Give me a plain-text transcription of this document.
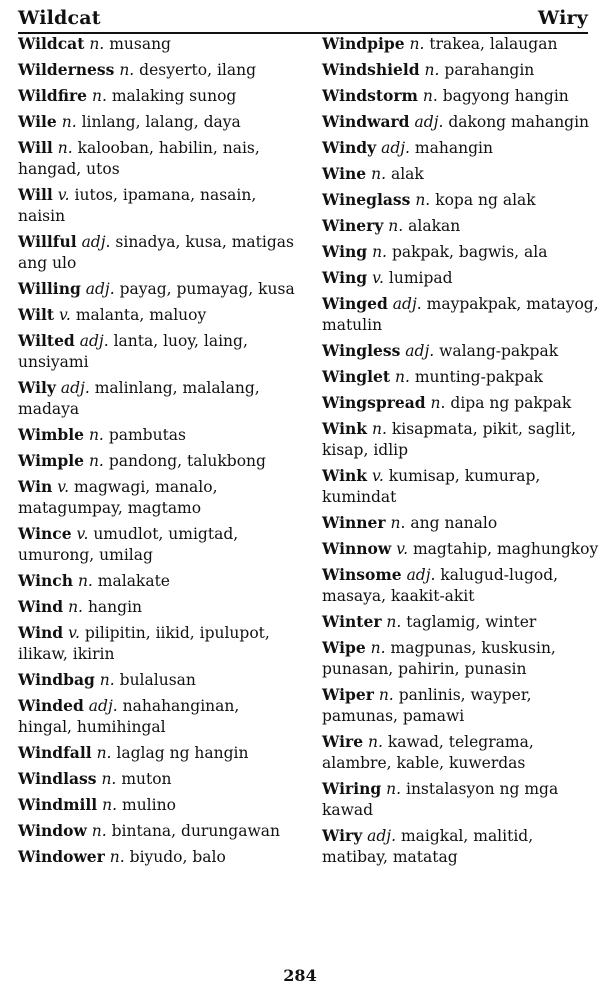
Wildcat	Wiry
Wildcat n. musang
Wilderness n. desyerto, ilang
Wildfire n. malaking sunog
Wile n. linlang, lalang, daya
Will n. kalooban, habilin, nais, hangad, utos
Will v. iutos, ipamana, nasain, naisin
Willful adj. sinadya, kusa, matigas ang ulo
Willing adj. payag, pumayag, kusa
Wilt v. malanta, maluoy
Wilted adj. lanta, luoy, laing, unsiyami
Wily adj. malinlang, malalang, madaya
Wimble n. pambutas
Wimple n. pandong, talukbong
Win v. magwagi, manalo, matagumpay, magtamo
Wince v. umudlot, umigtad, umurong, umilag
Winch n. malakate
Wind n. hangin
Wind v. pilipitin, iikid, ipulupot, ilikaw, ikirin
Windbag n. bulalusan
Winded adj. nahahanginan, hingal, humihingal
Windfall n. laglag ng hangin
Windlass n. muton
Windmill n. mulino
Window n. bintana, durungawan
Windower n. biyudo, balo
Windpipe n. trakea, lalaugan
Windshield n. parahangin
Windstorm n. bagyong hangin
Windward adj. dakong mahangin
Windy adj. mahangin
Wine n. alak
Wineglass n. kopa ng alak
Winery n. alakan
Wing n. pakpak, bagwis, ala
Wing v. lumipad
Winged adj. maypakpak, matayog, matulin
Wingless adj. walang-pakpak
Winglet n. munting-pakpak
Wingspread n. dipa ng pakpak
Wink n. kisapmata, pikit, saglit, kisap, idlip
Wink v. kumisap, kumurap, kumindat
Winner n. ang nanalo
Winnow v. magtahip, maghungkoy
Winsome adj. kalugud-lugod, masaya, kaakit-akit
Winter n. taglamig, winter
Wipe n. magpunas, kuskusin, punasan, pahirin, punasin
Wiper n. panlinis, wayper, pamunas, pamawi
Wire n. kawad, telegrama, alambre, kable, kuwerdas
Wiring n. instalasyon ng mga kawad
Wiry adj. maigkal, malitid, matibay, matatag
284
